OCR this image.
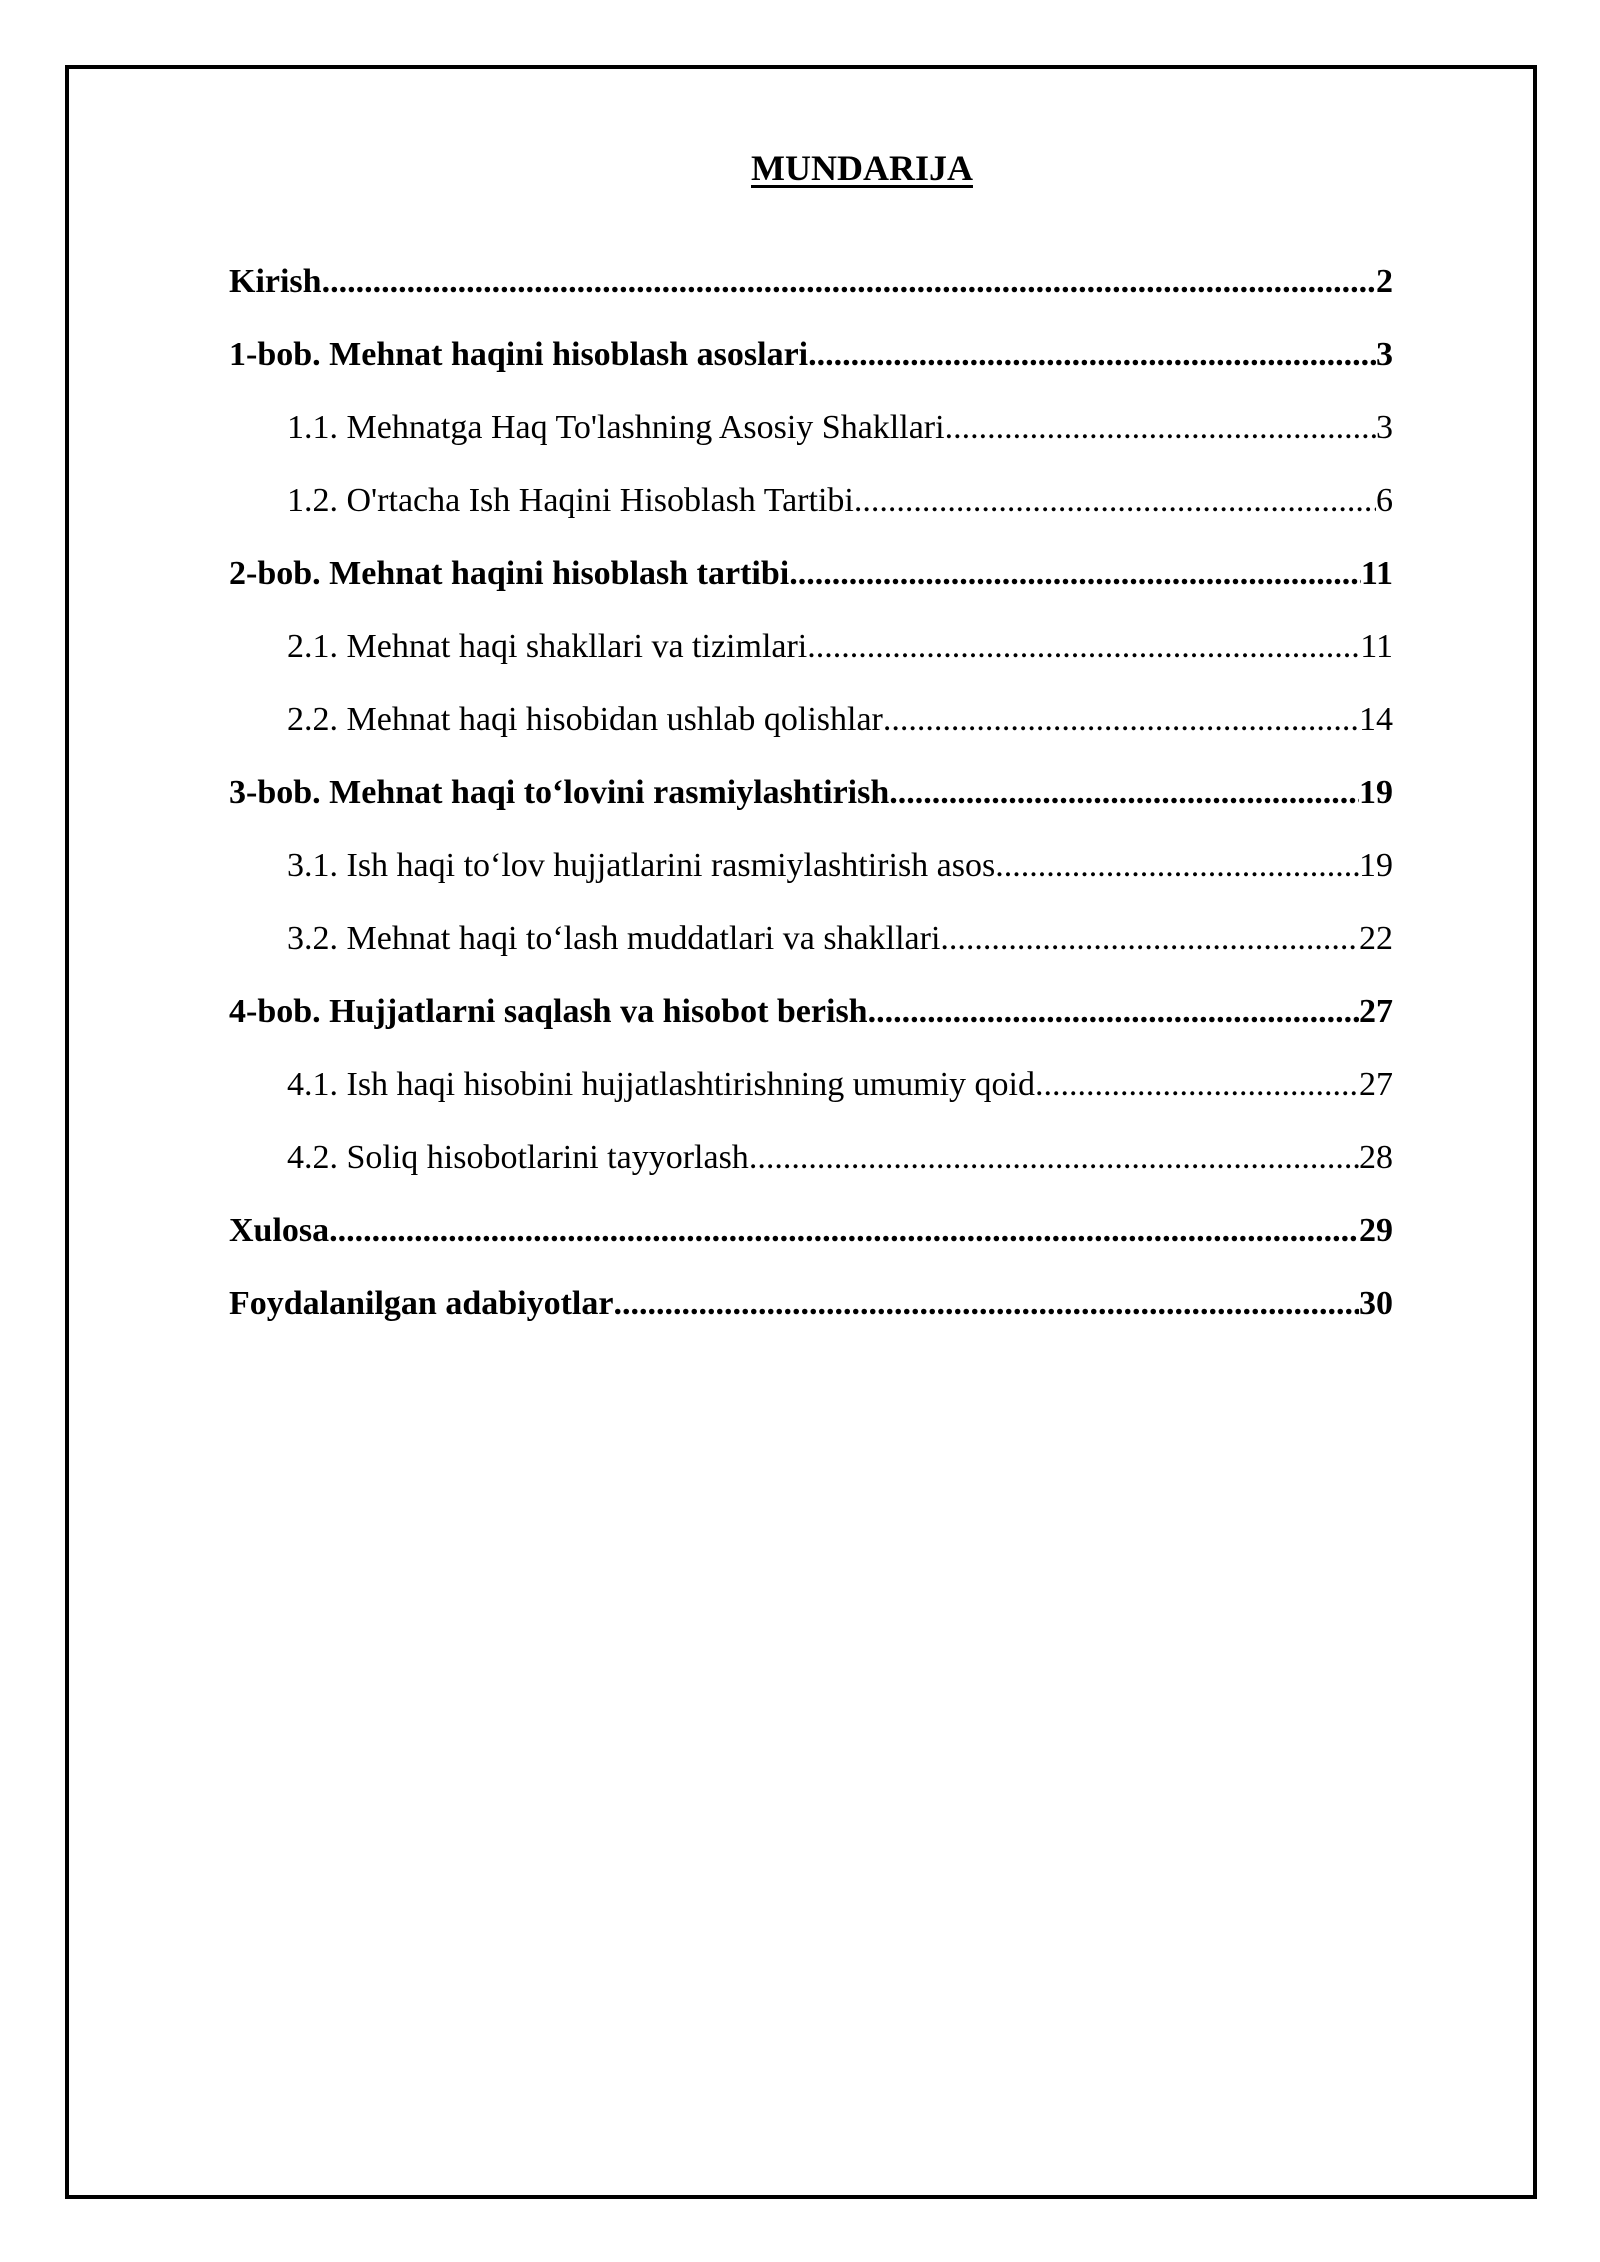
MUNDARIJA
Kirish .....	2
1-bob. Mehnat haqini hisoblash asoslari .....	3
1.1. Mehnatga Haq To'lashning Asosiy Shakllari .....	3
1.2. O'rtacha Ish Haqini Hisoblash Tartibi .....	6
2-bob. Mehnat haqini hisoblash tartibi .....	11
2.1. Mehnat haqi shakllari va tizimlari .....	11
2.2. Mehnat haqi hisobidan ushlab qolishlar .....	14
3-bob. Mehnat haqi to‘lovini rasmiylashtirish .....	19
3.1. Ish haqi to‘lov hujjatlarini rasmiylashtirish asos .....	19
3.2. Mehnat haqi to‘lash muddatlari va shakllari .....	22
4-bob. Hujjatlarni saqlash va hisobot berish .....	27
4.1. Ish haqi hisobini hujjatlashtirishning umumiy qoid .....	27
4.2. Soliq hisobotlarini tayyorlash .....	28
Xulosa .....	29
Foydalanilgan adabiyotlar .....	30
